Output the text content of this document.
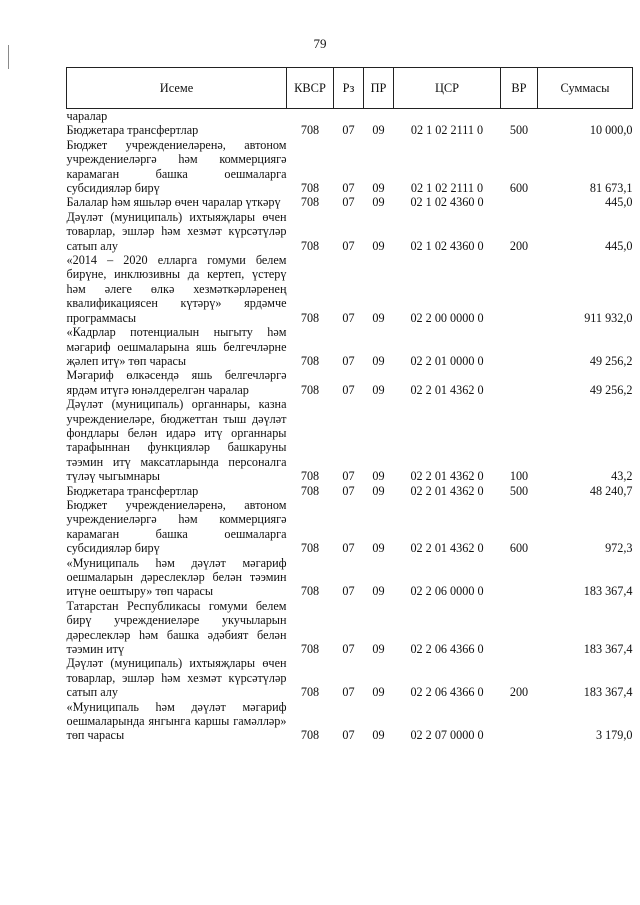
79
Исеме	КВСР	Рз	ПР	ЦСР	ВР	Суммасы
чаралар						
Бюджетара трансфертлар	708	07	09	02 1 02 2111 0	500	10 000,0
Бюджет учреждениеләренә, автоном учреждениеләргә һәм коммерциягә карамаган башка оешмаларга субсидияләр бирү	708	07	09	02 1 02 2111 0	600	81 673,1
Балалар һәм яшьләр өчен чаралар үткәрү	708	07	09	02 1 02 4360 0		445,0
Дәүләт (муниципаль) ихтыяҗлары өчен товарлар, эшләр һәм хезмәт күрсәтүләр сатып алу	708	07	09	02 1 02 4360 0	200	445,0
«2014 – 2020 елларга гомуми белем бирүне, инклюзивны да кертеп, үстерү һәм әлеге өлкә хезмәткәрләренең квалификациясен күтәрү» ярдәмче программасы	708	07	09	02 2 00 0000 0		911 932,0
«Кадрлар потенциалын ныгыту һәм мәгариф оешмаларына яшь белгечләрне җәлеп итү» төп чарасы	708	07	09	02 2 01 0000 0		49 256,2
Мәгариф өлкәсендә яшь белгечләргә ярдәм итүгә юнәлдерелгән чаралар	708	07	09	02 2 01 4362 0		49 256,2
Дәүләт (муниципаль) органнары, казна учреждениеләре, бюджеттан тыш дәүләт фондлары белән идарә итү органнары тарафыннан функцияләр башкаруны тәэмин итү максатларында персоналга түләү чыгымнары	708	07	09	02 2 01 4362 0	100	43,2
Бюджетара трансфертлар	708	07	09	02 2 01 4362 0	500	48 240,7
Бюджет учреждениеләренә, автоном учреждениеләргә һәм коммерциягә карамаган башка оешмаларга субсидияләр бирү	708	07	09	02 2 01 4362 0	600	972,3
«Муниципаль һәм дәүләт мәгариф оешмаларын дәреслекләр белән тәэмин итүне оештыру» төп чарасы	708	07	09	02 2 06 0000 0		183 367,4
Татарстан Республикасы гомуми белем бирү учреждениеләре укучыларын дәреслекләр һәм башка әдәбият белән тәэмин итү	708	07	09	02 2 06 4366 0		183 367,4
Дәүләт (муниципаль) ихтыяҗлары өчен товарлар, эшләр һәм хезмәт күрсәтүләр сатып алу	708	07	09	02 2 06 4366 0	200	183 367,4
«Муниципаль һәм дәүләт мәгариф оешмаларында янгынга каршы гамәлләр» төп чарасы	708	07	09	02 2 07 0000 0		3 179,0
